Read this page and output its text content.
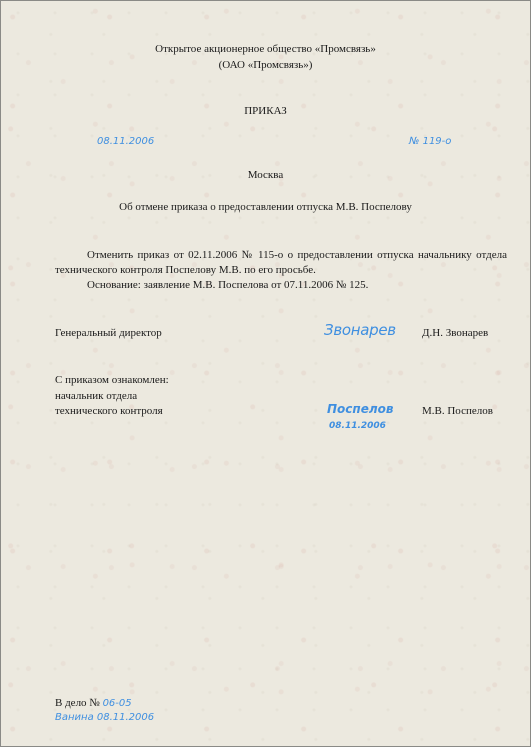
Открытое акционерное общество «Промсвязь»
(ОАО «Промсвязь»)
ПРИКАЗ
08.11.2006	№ 119-о
Москва
Об отмене приказа о предоставлении отпуска М.В. Поспелову

Отменить приказ от 02.11.2006 № 115-о о предоставлении отпуска начальнику отдела технического контроля Поспелову М.В. по его просьбе.

Основание: заявление М.В. Поспелова от 07.11.2006 № 125.

Генеральный директор	Звонарев Д.Н. Звонарев
С приказом ознакомлен:
начальник отдела
технического контроля	Поспелов
08.11.2006
М.В. Поспелов
В дело № 06-05
Ванина 08.11.2006
